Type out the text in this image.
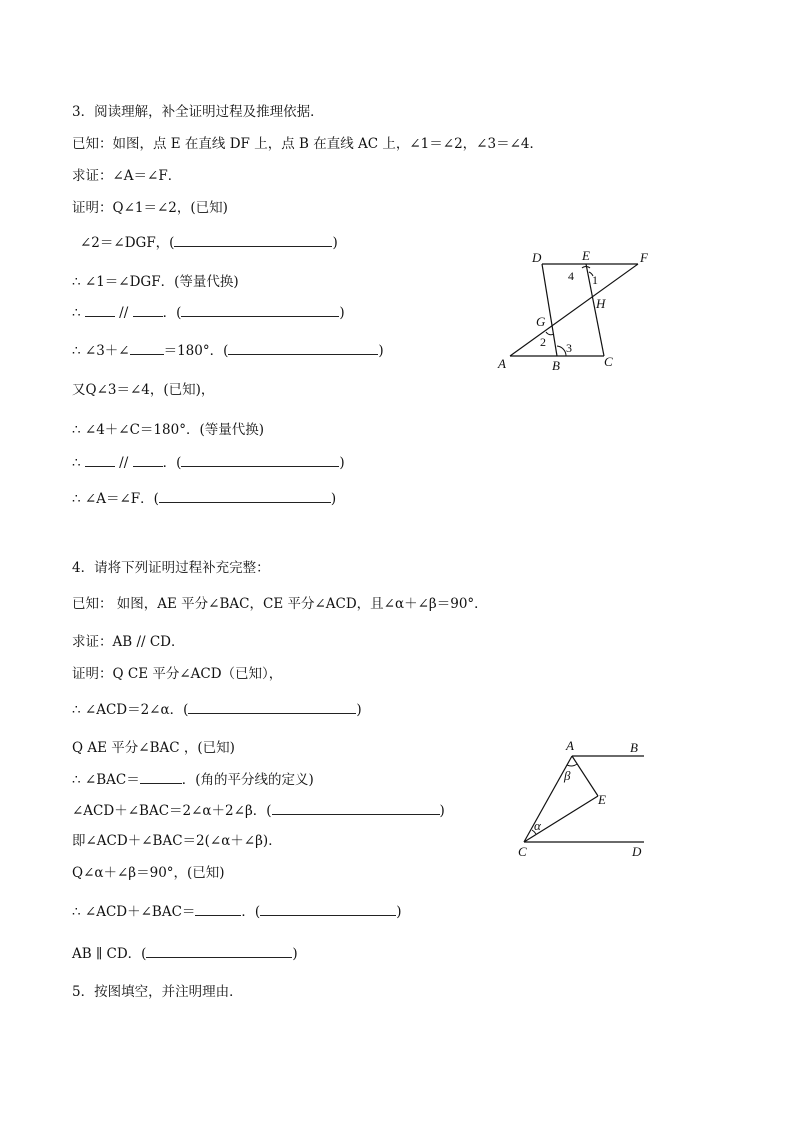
3．阅读理解，补全证明过程及推理依据．
已知：如图，点 E 在直线 DF 上，点 B 在直线 AC 上，∠1＝∠2，∠3＝∠4．
求证：∠A＝∠F．
证明：Q∠1＝∠2，(已知)
∠2＝∠DGF，(	)
∴ ∠1＝∠DGF．(等量代换)
∴  // ．(	)
∴ ∠3＋∠	＝180°．(	)
又Q∠3＝∠4，(已知)，
∴ ∠4＋∠C＝180°．(等量代换)
∴  // ．(	)
∴ ∠A＝∠F．(	)
D	E	F
H
G
A	B	C
4 1
2 3
4．请将下列证明过程补充完整：
已知： 如图，AE 平分∠BAC，CE 平分∠ACD，且∠α＋∠β＝90°．
求证：AB // CD．
证明：Q CE 平分∠ACD（已知），
∴ ∠ACD＝2∠α．(	)
Q AE 平分∠BAC ，(已知)
∴ ∠BAC＝	．(角的平分线的定义)
∠ACD＋∠BAC＝2∠α＋2∠β．(	)
即∠ACD＋∠BAC＝2(∠α＋∠β)．
Q∠α＋∠β＝90°，(已知)
∴ ∠ACD＋∠BAC＝	．(	)
AB ∥ CD．(	)
A	B
E
C	D
β
α
5．按图填空，并注明理由．
